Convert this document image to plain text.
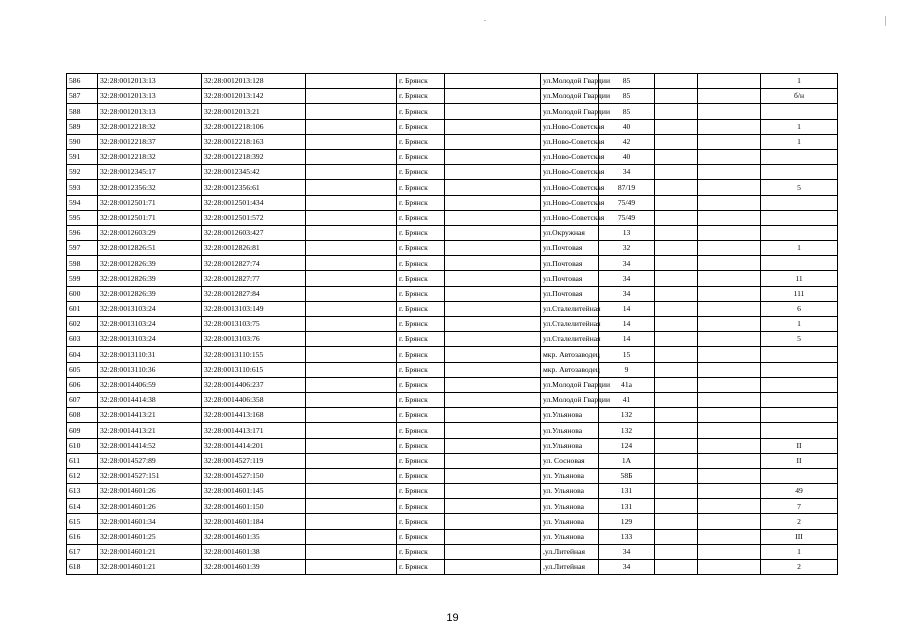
586	32:28:0012013:13	32:28:0012013:128		г. Брянск		ул.Молодой Гвардии	85			1
587	32:28:0012013:13	32:28:0012013:142		г. Брянск		ул.Молодой Гвардии	85			б/н
588	32:28:0012013:13	32:28:0012013:21		г. Брянск		ул.Молодой Гвардии	85			
589	32:28:0012218:32	32:28:0012218:106		г. Брянск		ул.Ново-Советская	40			1
590	32:28:0012218:37	32:28:0012218:163		г. Брянск		ул.Ново-Советская	42			1
591	32:28:0012218:32	32:28:0012218:392		г. Брянск		ул.Ново-Советская	40			
592	32:28:0012345:17	32:28:0012345:42		г. Брянск		ул.Ново-Советская	34			
593	32:28:0012356:32	32:28:0012356:61		г. Брянск		ул.Ново-Советская	87/19			5
594	32:28:0012501:71	32:28:0012501:434		г. Брянск		ул.Ново-Советская	75/49			
595	32:28:0012501:71	32:28:0012501:572		г. Брянск		ул.Ново-Советская	75/49			
596	32:28:0012603:29	32:28:0012603:427		г. Брянск		ул.Окружная	13			
597	32:28:0012826:51	32:28:0012826:81		г. Брянск		ул.Почтовая	32			1
598	32:28:0012826:39	32:28:0012827:74		г. Брянск		ул.Почтовая	34			
599	32:28:0012826:39	32:28:0012827:77		г. Брянск		ул.Почтовая	34			11
600	32:28:0012826:39	32:28:0012827:84		г. Брянск		ул.Почтовая	34			111
601	32:28:0013103:24	32:28:0013103:149		г. Брянск		ул.Сталелитейная	14			6
602	32:28:0013103:24	32:28:0013103:75		г. Брянск		ул.Сталелитейная	14			1
603	32:28:0013103:24	32:28:0013103:76		г. Брянск		ул.Сталелитейная	14			5
604	32:28:0013110:31	32:28:0013110:155		г. Брянск		мкр. Автозаводец	15			
605	32:28:0013110:36	32:28:0013110:615		г. Брянск		мкр. Автозаводец	9			
606	32:28:0014406:59	32:28:0014406:237		г. Брянск		ул.Молодой Гвардии	41а			
607	32:28:0014414:38	32:28:0014406:358		г. Брянск		ул.Молодой Гвардии	41			
608	32:28:0014413:21	32:28:0014413:168		г. Брянск		ул.Ульянова	132			
609	32:28:0014413:21	32:28:0014413:171		г. Брянск		ул.Ульянова	132			
610	32:28:0014414:52	32:28:0014414:201		г. Брянск		ул.Ульянова	124			II
611	32:28:0014527:89	32:28:0014527:119		г. Брянск		ул. Сосновая	1А			II
612	32:28:0014527:151	32:28:0014527:150		г. Брянск		ул. Ульянова	58Б			
613	32:28:0014601:26	32:28:0014601:145		г. Брянск		ул. Ульянова	131			49
614	32:28:0014601:26	32:28:0014601:150		г. Брянск		ул. Ульянова	131			7
615	32:28:0014601:34	32:28:0014601:184		г. Брянск		ул. Ульянова	129			2
616	32:28:0014601:25	32:28:0014601:35		г. Брянск		ул. Ульянова	133			III
617	32:28:0014601:21	32:28:0014601:38		г. Брянск		,ул.Литейная	34			1
618	32:28:0014601:21	32:28:0014601:39		г. Брянск		,ул.Литейная	34			2
19
